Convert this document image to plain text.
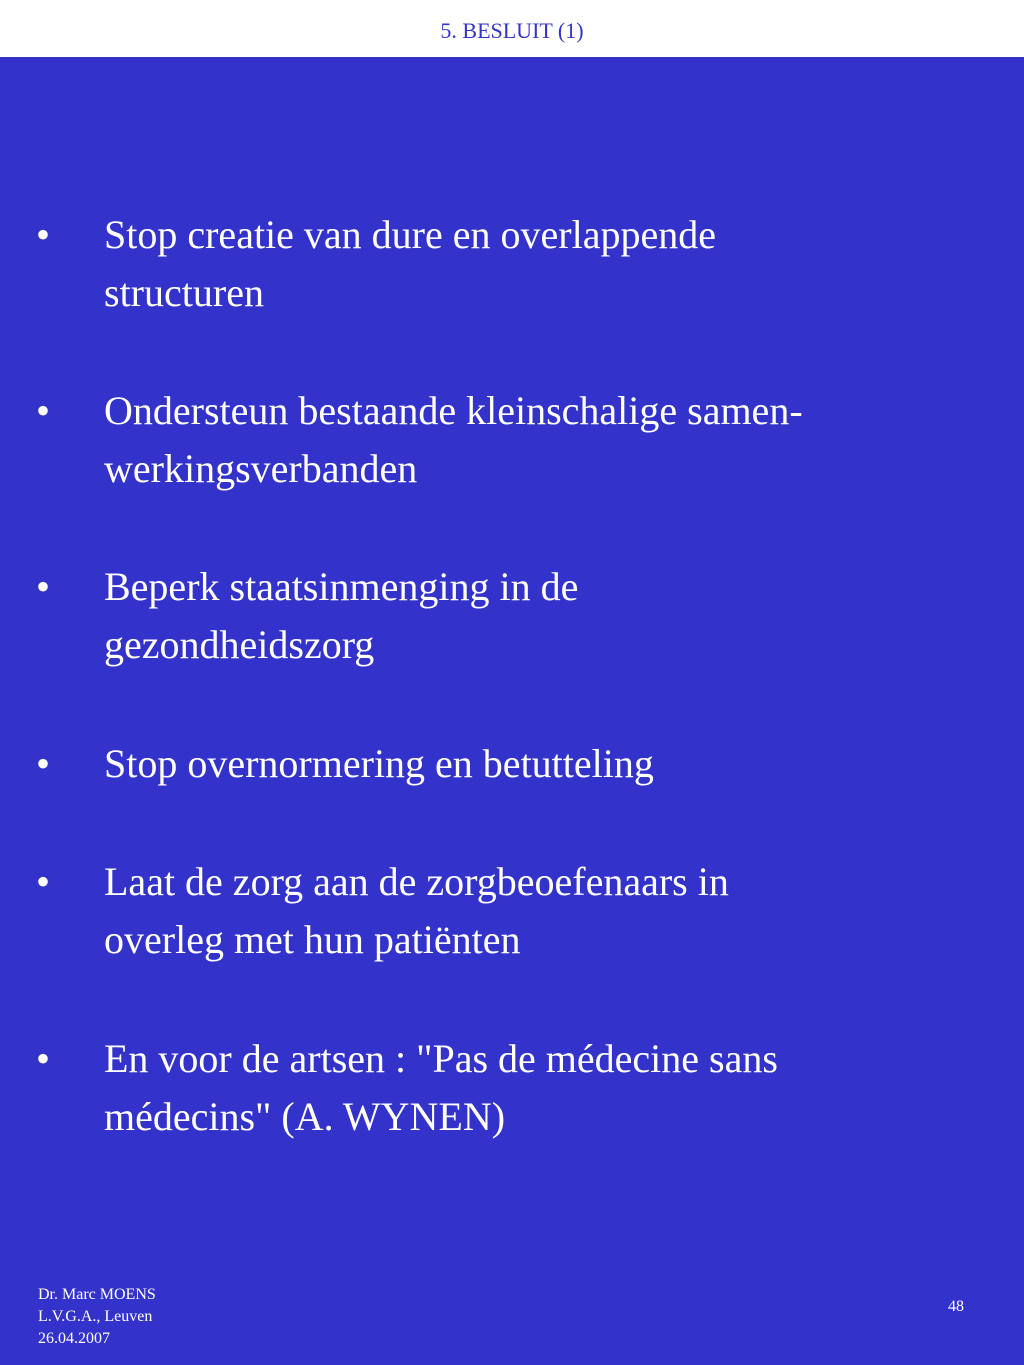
5. BESLUIT (1)
• Stop creatie van dure en overlappende
structuren
• Ondersteun bestaande kleinschalige samen-
werkingsverbanden
• Beperk staatsinmenging in de
gezondheidszorg
• Stop overnormering en betutteling
• Laat de zorg aan de zorgbeoefenaars in
overleg met hun patiënten
• En voor de artsen : "Pas de médecine sans
médecins" (A. WYNEN)
Dr. Marc MOENS
L.V.G.A., Leuven
26.04.2007
48
